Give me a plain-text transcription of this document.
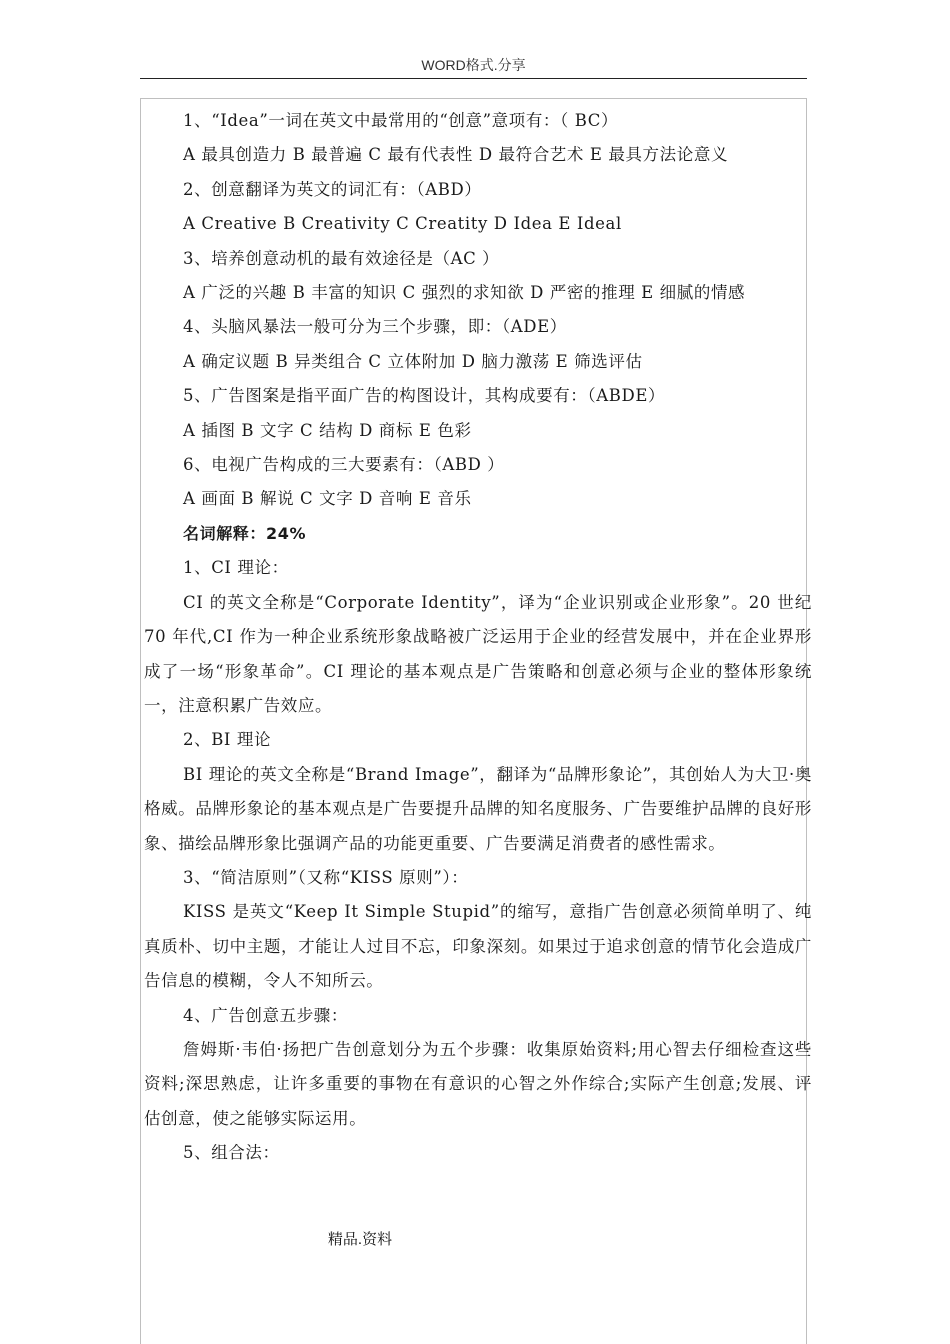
WORD格式.分享

1、“Idea”一词在英文中最常用的“创意”意项有：（ BC）

A 最具创造力 B 最普遍 C 最有代表性 D 最符合艺术 E 最具方法论意义

2、创意翻译为英文的词汇有：（ABD）

A Creative B Creativity C Creatity D Idea E Ideal

3、培养创意动机的最有效途径是（AC ）

A 广泛的兴趣 B 丰富的知识 C 强烈的求知欲 D 严密的推理 E 细腻的情感

4、头脑风暴法一般可分为三个步骤，即：（ADE）

A 确定议题 B 异类组合 C 立体附加 D 脑力激荡 E 筛选评估

5、广告图案是指平面广告的构图设计，其构成要有：（ABDE）

A 插图 B 文字 C 结构 D 商标 E 色彩

6、电视广告构成的三大要素有：（ABD ）

A 画面 B 解说 C 文字 D 音响 E 音乐

名词解释：24%

1、CI 理论：

CI 的英文全称是“Corporate Identity”，译为“企业识别或企业形象”。20 世纪 70 年代,CI 作为一种企业系统形象战略被广泛运用于企业的经营发展中，并在企业界形成了一场“形象革命”。CI 理论的基本观点是广告策略和创意必须与企业的整体形象统一，注意积累广告效应。

2、BI 理论

BI 理论的英文全称是“Brand Image”，翻译为“品牌形象论”，其创始人为大卫·奥格威。品牌形象论的基本观点是广告要提升品牌的知名度服务、广告要维护品牌的良好形象、描绘品牌形象比强调产品的功能更重要、广告要满足消费者的感性需求。

3、“简洁原则”（又称“KISS 原则”）：

KISS 是英文“Keep It Simple Stupid”的缩写，意指广告创意必须简单明了、纯真质朴、切中主题，才能让人过目不忘，印象深刻。如果过于追求创意的情节化会造成广告信息的模糊，令人不知所云。

4、广告创意五步骤：

詹姆斯·韦伯·扬把广告创意划分为五个步骤：收集原始资料;用心智去仔细检查这些资料;深思熟虑，让许多重要的事物在有意识的心智之外作综合;实际产生创意;发展、评估创意，使之能够实际运用。

5、组合法：

精品.资料
